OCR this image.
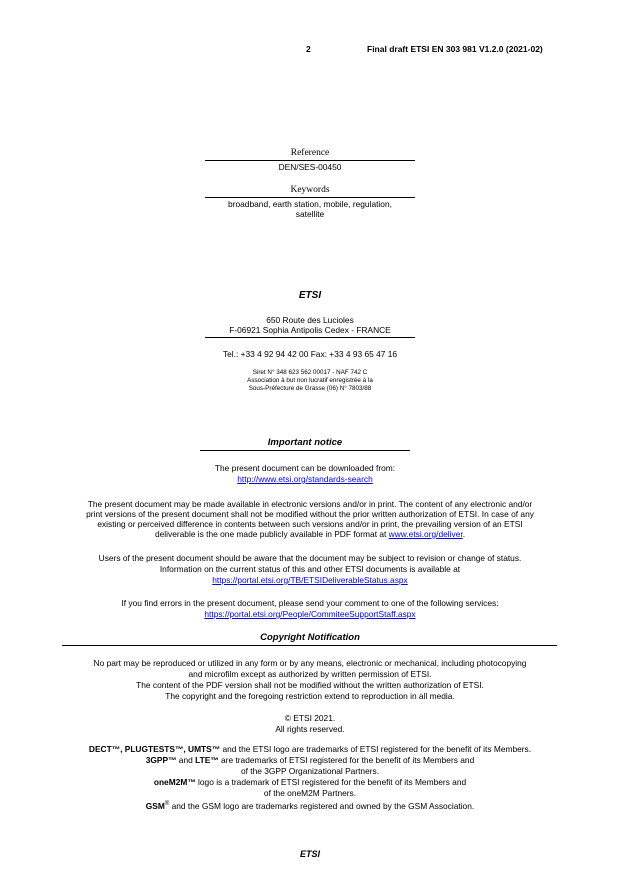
2	Final draft ETSI EN 303 981 V1.2.0 (2021-02)
Reference
DEN/SES-00450
Keywords
broadband, earth station, mobile, regulation,
satellite
ETSI
650 Route des Lucioles
F-06921 Sophia Antipolis Cedex - FRANCE
Tel.: +33 4 92 94 42 00 Fax: +33 4 93 65 47 16
Siret N° 348 623 562 00017 - NAF 742 C
Association à but non lucratif enregistrée à la
Sous-Préfecture de Grasse (06) N° 7803/88
Important notice
The present document can be downloaded from:
http://www.etsi.org/standards-search
The present document may be made available in electronic versions and/or in print. The content of any electronic and/or
print versions of the present document shall not be modified without the prior written authorization of ETSI. In case of any
existing or perceived difference in contents between such versions and/or in print, the prevailing version of an ETSI
deliverable is the one made publicly available in PDF format at www.etsi.org/deliver.
Users of the present document should be aware that the document may be subject to revision or change of status.
Information on the current status of this and other ETSI documents is available at
https://portal.etsi.org/TB/ETSIDeliverableStatus.aspx
If you find errors in the present document, please send your comment to one of the following services:
https://portal.etsi.org/People/CommiteeSupportStaff.aspx
Copyright Notification
No part may be reproduced or utilized in any form or by any means, electronic or mechanical, including photocopying
and microfilm except as authorized by written permission of ETSI.
The content of the PDF version shall not be modified without the written authorization of ETSI.
The copyright and the foregoing restriction extend to reproduction in all media.
© ETSI 2021.
All rights reserved.
DECT™, PLUGTESTS™, UMTS™ and the ETSI logo are trademarks of ETSI registered for the benefit of its Members.
3GPP™ and LTE™ are trademarks of ETSI registered for the benefit of its Members and
of the 3GPP Organizational Partners.
oneM2M™ logo is a trademark of ETSI registered for the benefit of its Members and
of the oneM2M Partners.
GSM® and the GSM logo are trademarks registered and owned by the GSM Association.
ETSI
